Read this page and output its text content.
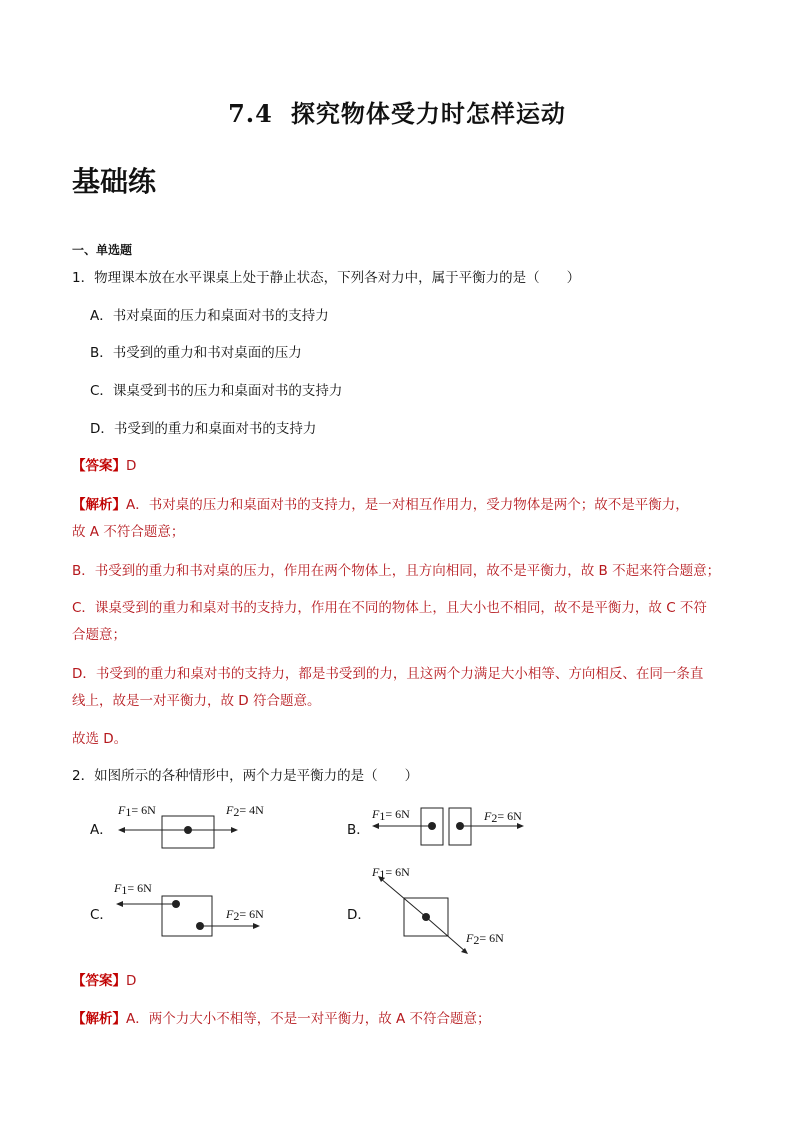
7.4 探究物体受力时怎样运动
基础练
一、单选题
1．物理课本放在水平课桌上处于静止状态，下列各对力中，属于平衡力的是（　　）
A．书对桌面的压力和桌面对书的支持力
B．书受到的重力和书对桌面的压力
C．课桌受到书的压力和桌面对书的支持力
D．书受到的重力和桌面对书的支持力
【答案】D
【解析】A．书对桌的压力和桌面对书的支持力，是一对相互作用力，受力物体是两个；故不是平衡力，
故 A 不符合题意；
B．书受到的重力和书对桌的压力，作用在两个物体上，且方向相同，故不是平衡力，故 B 不起来符合题意；
C．课桌受到的重力和桌对书的支持力，作用在不同的物体上，且大小也不相同，故不是平衡力，故 C 不符
合题意；
D．书受到的重力和桌对书的支持力，都是书受到的力，且这两个力满足大小相等、方向相反、在同一条直
线上，故是一对平衡力，故 D 符合题意。
故选 D。
2．如图所示的各种情形中，两个力是平衡力的是（　　）
A．
F1= 6N	F2= 4N
B．
F1= 6N	F2= 6N
C．
F1= 6N
F2= 6N	D．
F1= 6N
F2= 6N
【答案】D
【解析】A．两个力大小不相等，不是一对平衡力，故 A 不符合题意；
